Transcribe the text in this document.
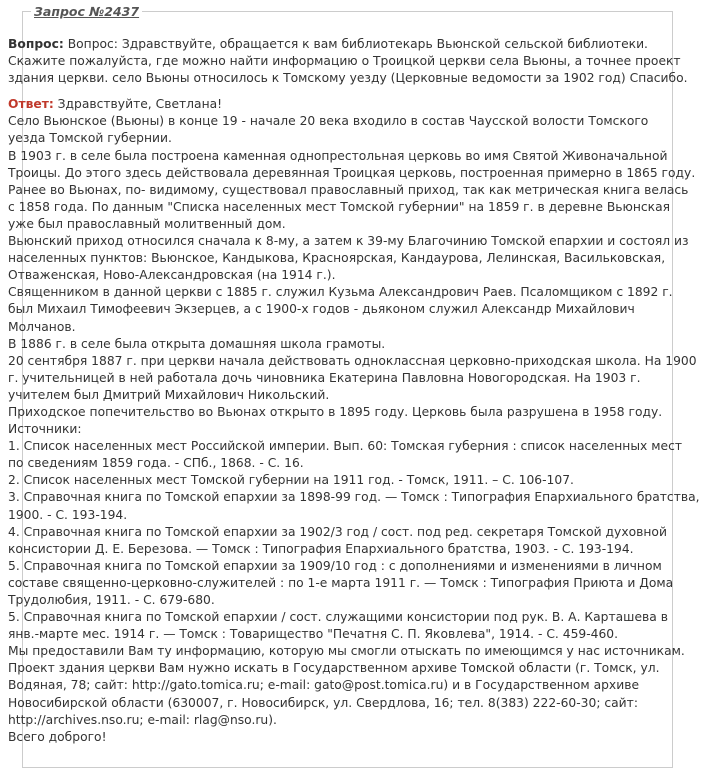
Запрос №2437
Вопрос: Вопрос: Здравствуйте, обращается к вам библиотекарь Вьюнской сельской библиотеки.
Скажите пожалуйста, где можно найти информацию о Троицкой церкви села Вьюны, а точнее проект
здания церкви. село Вьюны относилось к Томскому уезду (Церковные ведомости за 1902 год) Спасибо.
Ответ: Здравствуйте, Светлана!
Село Вьюнское (Вьюны) в конце 19 - начале 20 века входило в состав Чаусской волости Томского
уезда Томской губернии.
В 1903 г. в селе была построена каменная однопрестольная церковь во имя Святой Живоначальной
Троицы. До этого здесь действовала деревянная Троицкая церковь, построенная примерно в 1865 году.
Ранее во Вьюнах, по- видимому, существовал православный приход, так как метрическая книга велась
с 1858 года. По данным "Списка населенных мест Томской губернии" на 1859 г. в деревне Вьюнская
уже был православный молитвенный дом.
Вьюнский приход относился сначала к 8-му, а затем к 39-му Благочинию Томской епархии и состоял из
населенных пунктов: Вьюнское, Кандыкова, Красноярская, Кандаурова, Лелинская, Васильковская,
Отваженская, Ново-Александровская (на 1914 г.).
Священником в данной церкви с 1885 г. служил Кузьма Александрович Раев. Псаломщиком с 1892 г.
был Михаил Тимофеевич Экзерцев, а с 1900-х годов - дьяконом служил Александр Михайлович
Молчанов.
В 1886 г. в селе была открыта домашняя школа грамоты.
20 сентября 1887 г. при церкви начала действовать одноклассная церковно-приходская школа. На 1900
г. учительницей в ней работала дочь чиновника Екатерина Павловна Новогородская. На 1903 г.
учителем был Дмитрий Михайлович Никольский.
Приходское попечительство во Вьюнах открыто в 1895 году. Церковь была разрушена в 1958 году.
Источники:
1. Список населенных мест Российской империи. Вып. 60: Томская губерния : список населенных мест
по сведениям 1859 года. - СПб., 1868. - С. 16.
2. Список населенных мест Томской губернии на 1911 год. - Томск, 1911. – С. 106-107.
3. Справочная книга по Томской епархии за 1898-99 год. — Томск : Типография Епархиального братства,
1900. - С. 193-194.
4. Справочная книга по Томской епархии за 1902/3 год / сост. под ред. секретаря Томской духовной
консистории Д. Е. Березова. — Томск : Типография Епархиального братства, 1903. - С. 193-194.
5. Справочная книга по Томской епархии за 1909/10 год : с дополнениями и изменениями в личном
составе священно-церковно-служителей : по 1-е марта 1911 г. — Томск : Типография Приюта и Дома
Трудолюбия, 1911. - С. 679-680.
5. Справочная книга по Томской епархии / сост. служащими консистории под рук. В. А. Карташева в
янв.-марте мес. 1914 г. — Томск : Товарищество "Печатня С. П. Яковлева", 1914. - С. 459-460.
Мы предоставили Вам ту информацию, которую мы смогли отыскать по имеющимся у нас источникам.
Проект здания церкви Вам нужно искать в Государственном архиве Томской области (г. Томск, ул.
Водяная, 78; сайт: http://gato.tomica.ru; e-mail: gato@post.tomica.ru) и в Государственном архиве
Новосибирской области (630007, г. Новосибирск, ул. Свердлова, 16; тел. 8(383) 222-60-30; сайт:
http://archives.nso.ru; e-mail: rlag@nso.ru).
Всего доброго!
